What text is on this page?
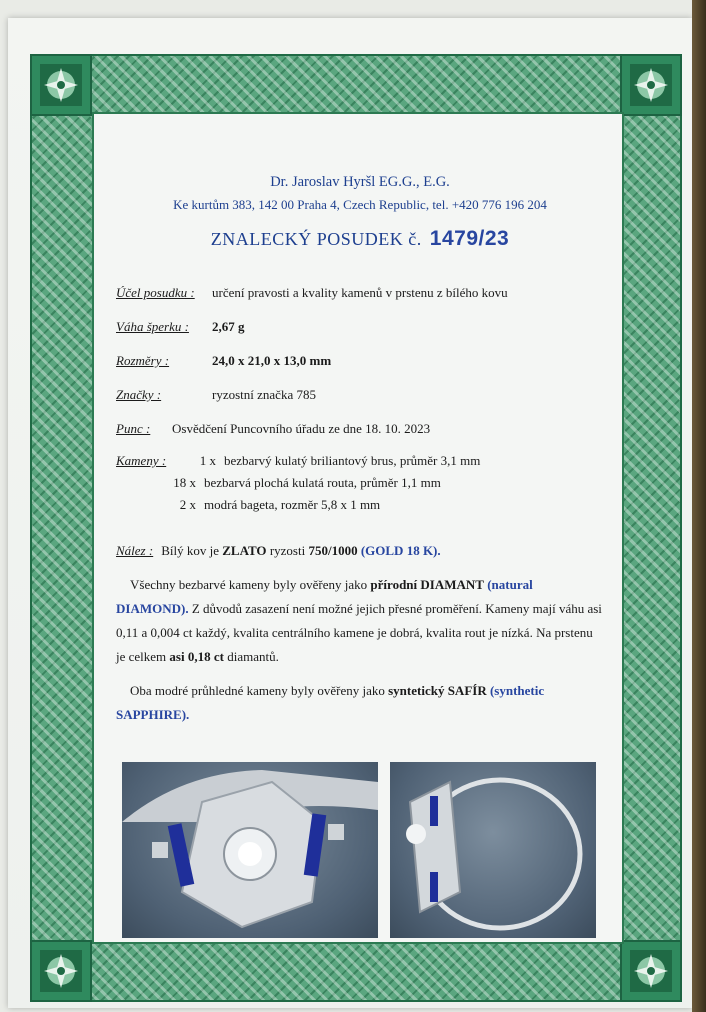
Dr. Jaroslav Hyršl EG.G., E.G.
Ke kurtům 383, 142 00 Praha 4, Czech Republic, tel. +420 776 196 204
ZNALECKÝ POSUDEK č. 1479/23
Účel posudku :	určení pravosti a kvality kamenů v prstenu z bílého kovu
Váha šperku :	2,67 g
Rozměry :	24,0 x 21,0 x 13,0 mm
Značky :	ryzostní značka 785
Punc :	Osvědčení Puncovního úřadu ze dne 18. 10. 2023
Kameny :	1 x bezbarvý kulatý briliantový brus, průměr 3,1 mm
18 x bezbarvá plochá kulatá routa, průměr 1,1 mm
2 x modrá bageta, rozměr 5,8 x 1 mm
Nález : Bílý kov je
ZLATO
ryzosti
750/1000
(GOLD 18 K).
Všechny bezbarvé kameny byly ověřeny jako přírodní DIAMANT (natural DIAMOND). Z důvodů zasazení není možné jejich přesné proměření. Kameny mají váhu asi 0,11 a 0,004 ct každý, kvalita centrálního kamene je dobrá, kvalita rout je nízká. Na prstenu je celkem asi 0,18 ct diamantů.
Oba modré průhledné kameny byly ověřeny jako syntetický SAFÍR (synthetic SAPPHIRE).
